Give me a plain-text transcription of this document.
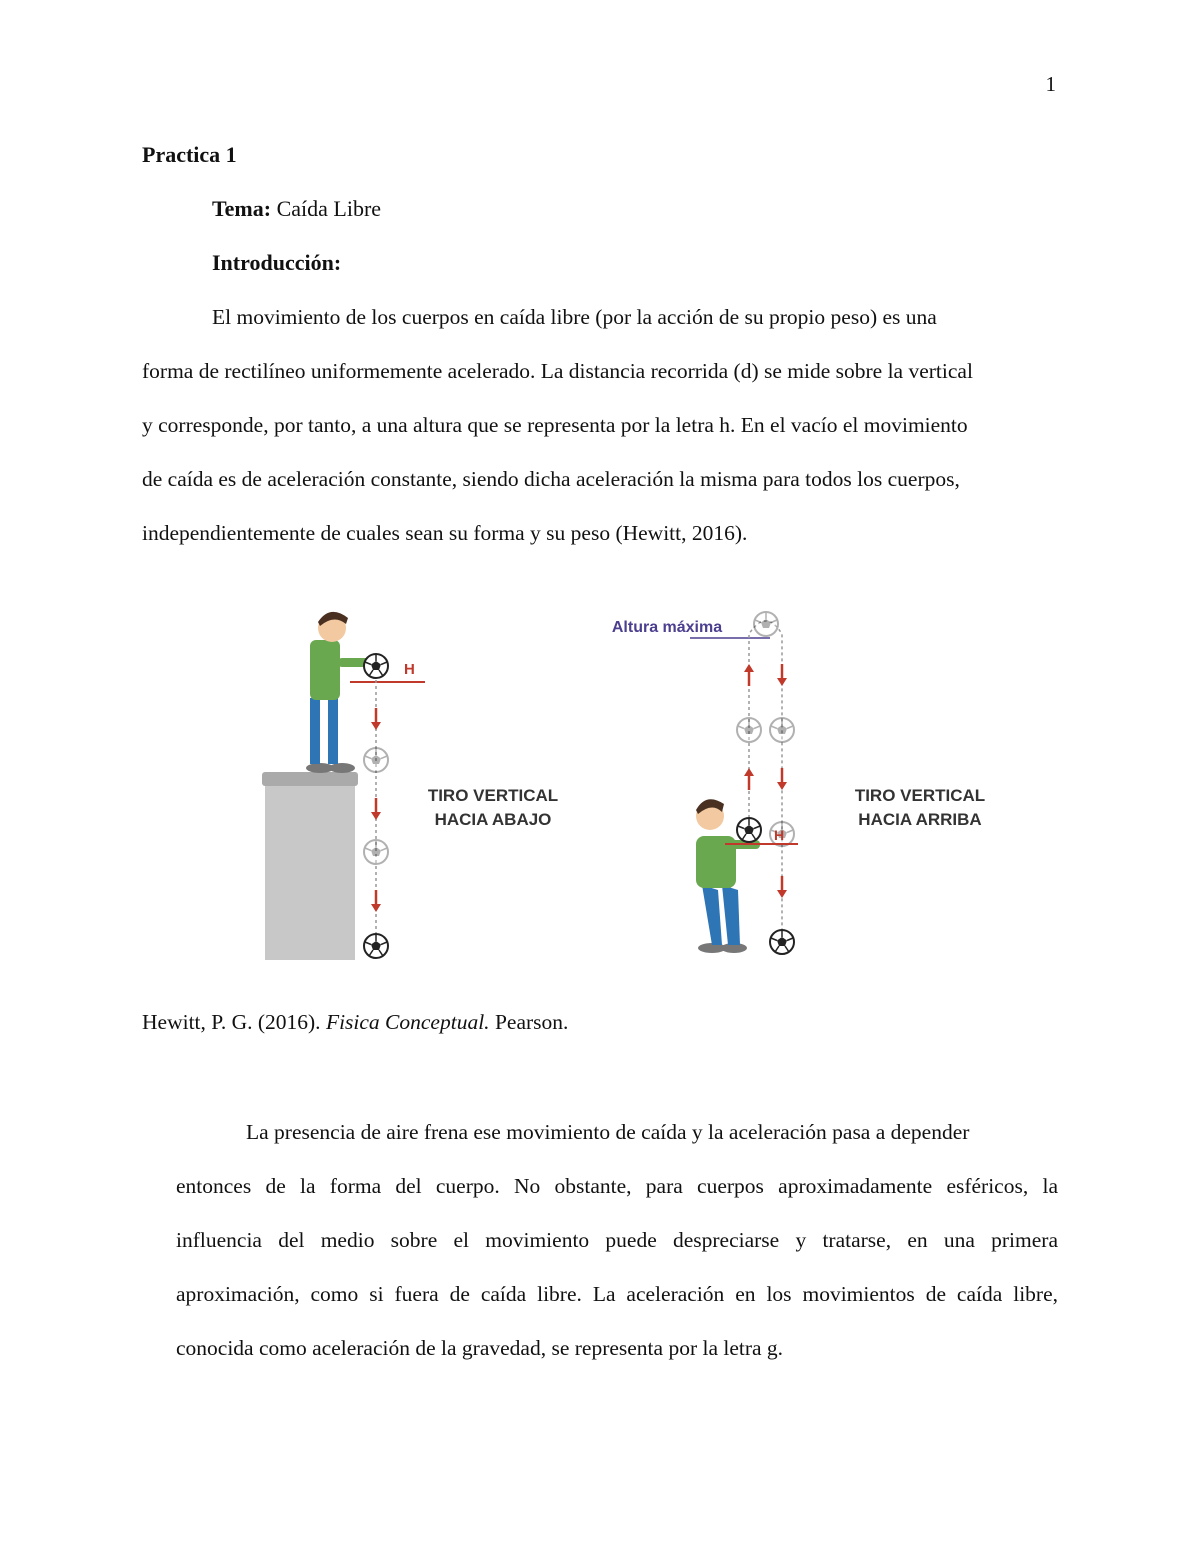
1
Practica 1
Tema: Caída Libre
Introducción:
El movimiento de los cuerpos en caída libre (por la acción de su propio peso) es una
forma de rectilíneo uniformemente acelerado. La distancia recorrida (d) se mide sobre la vertical
y corresponde, por tanto, a una altura que se representa por la letra h. En el vacío el movimiento
de caída es de aceleración constante, siendo dicha aceleración la misma para todos los cuerpos,
independientemente de cuales sean su forma y su peso (Hewitt, 2016).
H
TIRO VERTICAL
HACIA ABAJO
Altura máxima
H
TIRO VERTICAL
HACIA ARRIBA
Hewitt, P. G. (2016). Fisica Conceptual. Pearson.
La presencia de aire frena ese movimiento de caída y la aceleración pasa a depender
entonces de la forma del cuerpo. No obstante, para cuerpos aproximadamente esféricos, la
influencia del medio sobre el movimiento puede despreciarse y tratarse, en una primera
aproximación, como si fuera de caída libre. La aceleración en los movimientos de caída libre,
conocida como aceleración de la gravedad, se representa por la letra g.
